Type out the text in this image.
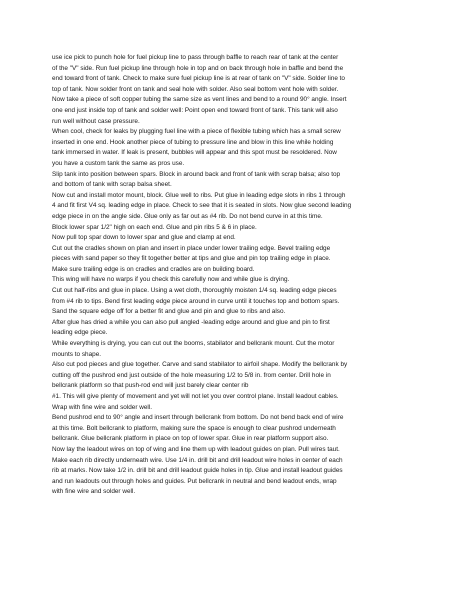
use ice pick to punch hole for fuel pickup line to pass through baffle to reach rear of tank at the center
of the "V" side. Run fuel pickup line through hole in top and on back through hole in baffle and bend the
end toward front of tank. Check to make sure fuel pickup line is at rear of tank on "V" side. Solder line to
top of tank. Now solder front on tank and seal hole with solder. Also seal bottom vent hole with solder.
Now take a piece of soft copper tubing the same size as vent lines and bend to a round 90° angle. Insert
one end just inside top of tank and solder well: Point open end toward front of tank. This tank will also
run well without case pressure.
When cool, check for leaks by plugging fuel line with a piece of flexible tubing which has a small screw
inserted in one end. Hook another piece of tubing to pressure line and blow in this line while holding
tank immersed in water. If leak is present, bubbles will appear and this spot must be resoldered. Now
you have a custom tank the same as pros use.
Slip tank into position between spars. Block in around back and front of tank with scrap balsa; also top
and bottom of tank with scrap balsa sheet.
Now cut and install motor mount, block. Glue well to ribs. Put glue in leading edge slots in ribs 1 through
4 and fit first V4 sq. leading edge in place. Check to see that it is seated in slots. Now glue second leading
edge piece in on the angle side. Glue only as far out as #4 rib. Do not bend curve in at this time.
Block lower spar 1/2" high on each end. Glue and pin ribs 5 & 6 in place.
Now pull top spar down to lower spar and glue and clamp at end.
Cut out the cradles shown on plan and insert in place under lower trailing edge. Bevel trailing edge
pieces with sand paper so they fit together better at tips and glue and pin top trailing edge in place.
Make sure trailing edge is on cradles and cradles are on building board.
This wing will have no warps if you check this carefully now and while glue is drying.
Cut out half-ribs and glue in place. Using a wet cloth, thoroughly moisten 1/4 sq. leading edge pieces
from #4 rib to tips. Bend first leading edge piece around in curve until it touches top and bottom spars.
Sand the square edge off for a better fit and glue and pin and glue to ribs and also.
After glue has dried a while you can also pull angled -leading edge around and glue and pin to first
leading edge piece.
While everything is drying, you can cut out the booms, stabilator and bellcrank mount. Cut the motor
mounts to shape.
Also cut pod pieces and glue together. Carve and sand stabilator to airfoil shape. Modify the bellcrank by
cutting off the pushrod end just outside of the hole measuring 1/2 to 5/8 in. from center. Drill hole in
bellcrank platform so that push-rod end will just barely clear center rib
#1. This will give plenty of movement and yet will not let you over control plane. Install leadout cables.
Wrap with fine wire and solder well.
Bend pushrod end to 90° angle and insert through bellcrank from bottom. Do not bend back end of wire
at this time. Bolt bellcrank to platform, making sure the space is enough to clear pushrod underneath
bellcrank. Glue bellcrank platform in place on top of lower spar. Glue in rear platform support also.
Now lay the leadout wires on top of wing and line them up with leadout guides on plan. Pull wires taut.
Make each rib directly underneath wire. Use 1/4 in. drill bit and drill leadout wire holes in center of each
rib at marks. Now take 1/2 in. drill bit and drill leadout guide holes in tip. Glue and install leadout guides
and run leadouts out through holes and guides. Put bellcrank in neutral and bend leadout ends, wrap
with fine wire and solder well.
